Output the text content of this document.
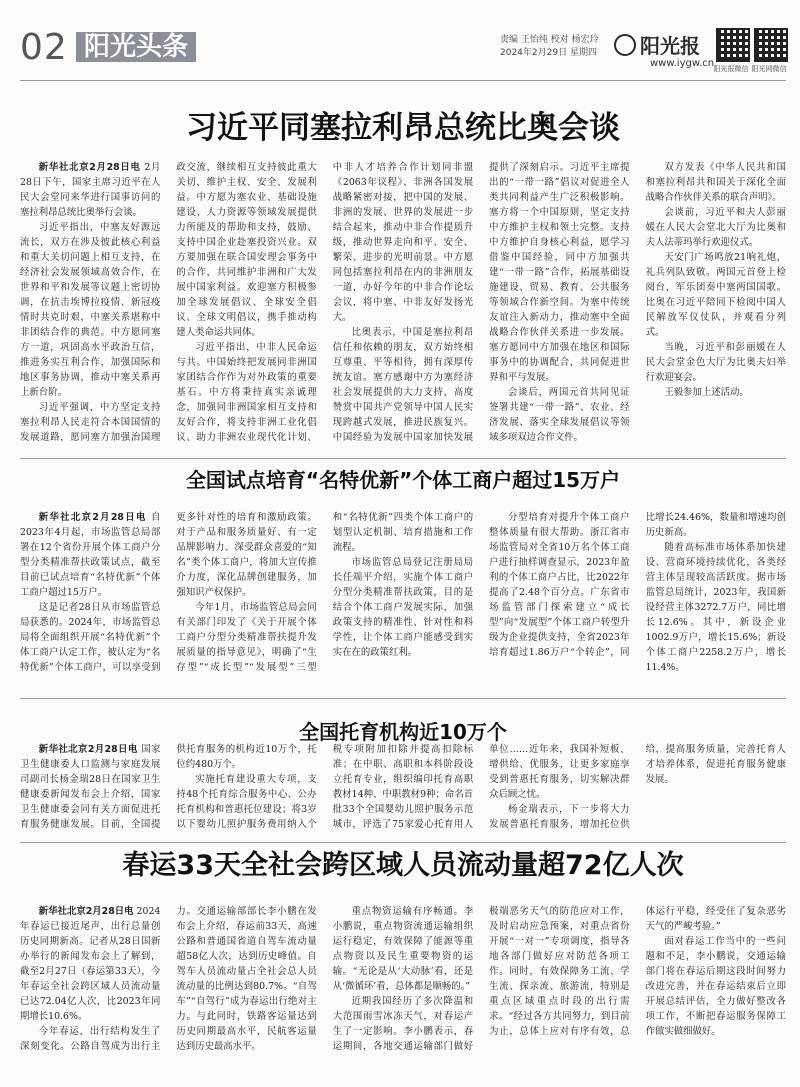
02 阳光头条	责编 王怡纯 校对 杨宏玲
2024年2月29日 星期四	阳光报
www.iygw.cn 阳光报微信 阳光网微信
习近平同塞拉利昂总统比奥会谈

新华社北京2月28日电 2月28日下午，国家主席习近平在人民大会堂同来华进行国事访问的塞拉利昂总统比奥举行会谈。

习近平指出，中塞友好源远流长，双方在涉及彼此核心利益和重大关切问题上相互支持，在经济社会发展领域高效合作，在世界和平和发展等议题上密切协调，在抗击埃博拉疫情、新冠疫情时共克时艰，中塞关系堪称中非团结合作的典范。中方愿同塞方一道，巩固高水平政治互信，推进务实互利合作，加强国际和地区事务协调，推动中塞关系再上新台阶。

习近平强调，中方坚定支持塞拉利昂人民走符合本国国情的发展道路，愿同塞方加强治国理政交流，继续相互支持彼此重大关切，维护主权、安全、发展利益。中方愿为塞农业、基础设施建设、人力资源等领域发展提供力所能及的帮助和支持，鼓励、支持中国企业赴塞投资兴业。双方要加强在联合国安理会事务中的合作，共同维护非洲和广大发展中国家利益。欢迎塞方积极参加全球发展倡议、全球安全倡议、全球文明倡议，携手推动构建人类命运共同体。

习近平指出，中非人民命运与共。中国始终把发展同非洲国家团结合作作为对外政策的重要基石。中方将秉持真实亲诚理念，加强同非洲国家相互支持和友好合作，将支持非洲工业化倡议、助力非洲农业现代化计划、中非人才培养合作计划同非盟《2063年议程》、非洲各国发展战略紧密对接，把中国的发展、非洲的发展、世界的发展进一步结合起来，推动中非合作提质升级，推动世界走向和平、安全、繁荣、进步的光明前景。中方愿同包括塞拉利昂在内的非洲朋友一道，办好今年的中非合作论坛会议，将中塞、中非友好发扬光大。

比奥表示，中国是塞拉利昂信任和依赖的朋友，双方始终相互尊重、平等相待，拥有深厚传统友谊。塞方感谢中方为塞经济社会发展提供的大力支持，高度赞赏中国共产党领导中国人民实现跨越式发展，推进民族复兴。中国经验为发展中国家加快发展提供了深刻启示。习近平主席提出的“一带一路”倡议对促进全人类共同利益产生广泛积极影响。塞方将一个中国原则，坚定支持中方维护主权和领土完整。支持中方维护自身核心利益，愿学习借鉴中国经验，同中方加强共建“一带一路”合作，拓展基础设施建设、贸易、教育、公共服务等领域合作新空间。为塞中传统友谊注入新动力，推动塞中全面战略合作伙伴关系进一步发展。塞方愿同中方加强在地区和国际事务中的协调配合，共同促进世界和平与发展。

会谈后，两国元首共同见证签署共建“一带一路”、农业、经济发展、落实全球发展倡议等领域多项双边合作文件。

双方发表《中华人民共和国和塞拉利昂共和国关于深化全面战略合作伙伴关系的联合声明》。

会谈前，习近平和夫人彭丽媛在人民大会堂北大厅为比奥和夫人法蒂玛举行欢迎仪式。

天安门广场鸣放21响礼炮，礼兵列队致敬。两国元首登上检阅台，军乐团奏中塞两国国歌。比奥在习近平陪同下检阅中国人民解放军仪仗队，并观看分列式。

当晚，习近平和彭丽媛在人民大会堂金色大厅为比奥夫妇举行欢迎宴会。

王毅参加上述活动。

全国试点培育“名特优新”个体工商户超过15万户

新华社北京2月28日电 自2023年4月起，市场监管总局部署在12个省份开展个体工商户分型分类精准帮扶政策试点，截至目前已试点培育“名特优新”个体工商户超过15万户。

这是记者28日从市场监管总局获悉的。2024年，市场监管总局将全面组织开展“名特优新”个体工商户认定工作，被认定为“名特优新”个体工商户，可以享受到更多针对性的培育和激励政策。对于产品和服务质量好、有一定品牌影响力、深受群众喜爱的“知名”类个体工商户，将加大宣传推介力度，深化品牌创建服务，加强知识产权保护。

今年1月，市场监管总局会同有关部门印发了《关于开展个体工商户分型分类精准帮扶提升发展质量的指导意见》，明确了“生存型”“成长型”“发展型”三型和“名特优新”四类个体工商户的划型认定机制、培育措施和工作流程。

市场监管总局登记注册局局长任端平介绍，实施个体工商户分型分类精准帮扶政策，目的是结合个体工商户发展实际，加强政策支持的精准性、针对性和科学性，让个体工商户能感受到实实在在的政策红利。

分型培育对提升个体工商户整体质量有很大帮助。浙江省市场监管局对全省10万名个体工商户进行抽样调查显示，2023年盈利的个体工商户占比，比2022年提高了2.48个百分点。广东省市场监管部门探索建立“成长型”向“发展型”个体工商户转型升级为企业提供支持，全省2023年培育超过1.86万户“个转企”，同比增长24.46%，数量和增速均创历史新高。

随着高标准市场体系加快建设、营商环境持续优化，各类经营主体呈现较高活跃度。据市场监管总局统计，2023年，我国新设经营主体3272.7万户，同比增长12.6%。其中，新设企业1002.9万户，增长15.6%；新设个体工商户2258.2万户，增长11.4%。

全国托育机构近10万个

新华社北京2月28日电 国家卫生健康委人口监测与家庭发展司副司长杨金瑞28日在国家卫生健康委新闻发布会上介绍，国家卫生健康委会同有关方面促进托育服务健康发展。目前，全国提供托育服务的机构近10万个，托位约480万个。

实施托育建设重大专项，支持48个托育综合服务中心、公办托育机构和普惠托位建设；将3岁以下婴幼儿照护服务费用纳入个税专项附加扣除并提高扣除标准；在中职、高职和本科阶段设立托育专业，组织编印托育高职教材14种、中职教材9种；命名首批33个全国婴幼儿照护服务示范城市，评选了75家爱心托育用人单位……近年来，我国补短板、增供给、优服务，让更多家庭享受到普惠托育服务，切实解决群众后顾之忧。

杨金瑞表示，下一步将大力发展普惠托育服务，增加托位供给，提高服务质量，完善托育人才培养体系，促进托育服务健康发展。

春运33天全社会跨区域人员流动量超72亿人次

新华社北京2月28日电 2024年春运已接近尾声，出行总量创历史同期新高。记者从28日国新办举行的新闻发布会上了解到，截至2月27日（春运第33天），今年春运全社会跨区域人员流动量已达72.04亿人次，比2023年同期增长10.6%。

今年春运，出行结构发生了深刻变化。公路自驾成为出行主力。交通运输部部长李小鹏在发布会上介绍，春运前33天，高速公路和普通国省道自驾车流动量超58亿人次，达到历史峰值。自驾车人员流动量占全社会总人员流动量的比例达到80.7%。“自驾车”“自驾行”成为春运出行绝对主力。与此同时，铁路客运量达到历史同期最高水平，民航客运量达到历史最高水平。

重点物资运输有序畅通。李小鹏说，重点物资流通运输组织运行稳定，有效保障了能源等重点物资以及民生重要物资的运输。“无论是从‘大动脉’看，还是从‘微循环’看，总体都是顺畅的。”

近期我国经历了多次降温和大范围雨雪冰冻天气，对春运产生了一定影响。李小鹏表示，春运期间，各地交通运输部门做好极端恶劣天气的防范应对工作，及时启动应急预案，对重点省份开展“一对一”专项调度，指导各地各部门做好应对防范各项工作。同时，有效保障务工流、学生流、探亲流、旅游流，特别是重点区域重点时段的出行需求。“经过各方共同努力，到目前为止，总体上应对有序有效，总体运行平稳，经受住了复杂恶劣天气的严峻考验。”

面对春运工作当中的一些问题和不足，李小鹏说，交通运输部门将在春运后期这段时间努力改进完善，并在春运结束后立即开展总结评估，全力做好整改各项工作，不断把春运服务保障工作做实做细做好。
